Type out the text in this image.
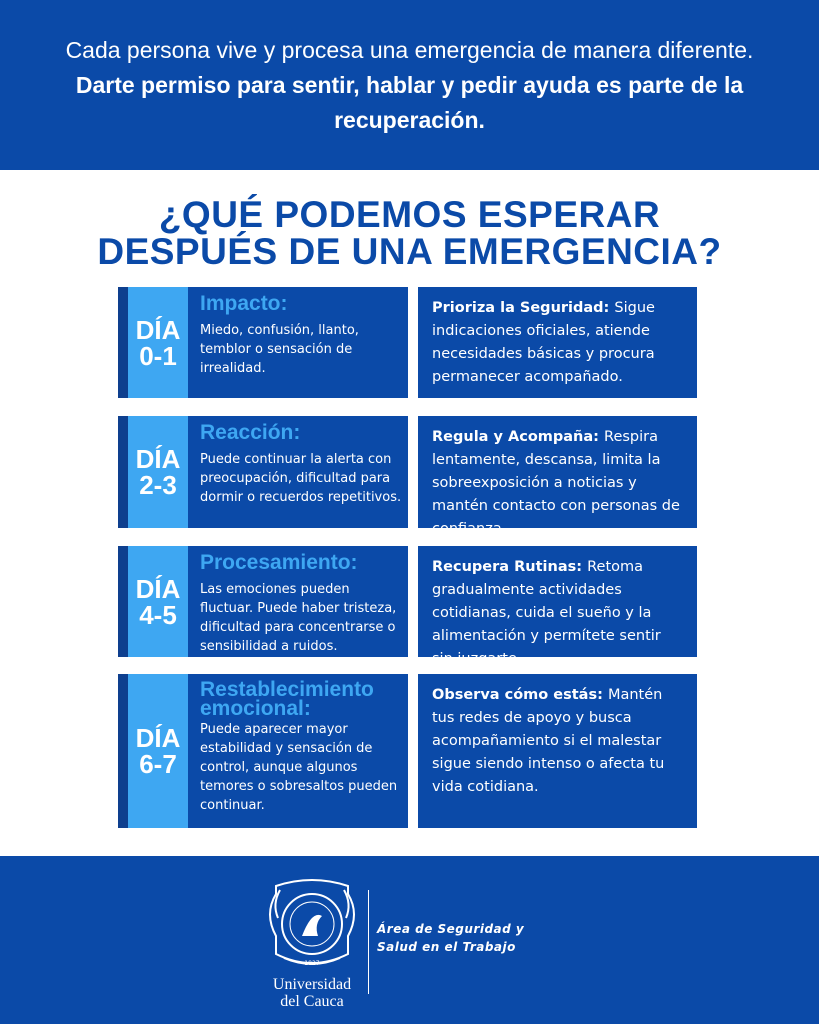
Cada persona vive y procesa una emergencia de manera diferente. Darte permiso para sentir, hablar y pedir ayuda es parte de la recuperación.

¿QUÉ PODEMOS ESPERAR
DESPUÉS DE UNA EMERGENCIA?
DÍA
0-1
Impacto:
Miedo, confusión, llanto, temblor o sensación de irrealidad.
Prioriza la Seguridad: Sigue indicaciones oficiales, atiende necesidades básicas y procura permanecer acompañado.
DÍA
2-3
Reacción:
Puede continuar la alerta con preocupación, dificultad para dormir o recuerdos repetitivos.
Regula y Acompaña: Respira lentamente, descansa, limita la sobreexposición a noticias y mantén contacto con personas de confianza.
DÍA
4-5
Procesamiento:
Las emociones pueden fluctuar. Puede haber tristeza, dificultad para concentrarse o sensibilidad a ruidos.
Recupera Rutinas: Retoma gradualmente actividades cotidianas, cuida el sueño y la alimentación y permítete sentir sin juzgarte.
DÍA
6-7
Restablecimiento emocional:
Puede aparecer mayor estabilidad y sensación de control, aunque algunos temores o sobresaltos pueden continuar.
Observa cómo estás: Mantén tus redes de apoyo y busca acompañamiento si el malestar sigue siendo intenso o afecta tu vida cotidiana.
1827
Universidad
del Cauca
Área de Seguridad y
Salud en el Trabajo
